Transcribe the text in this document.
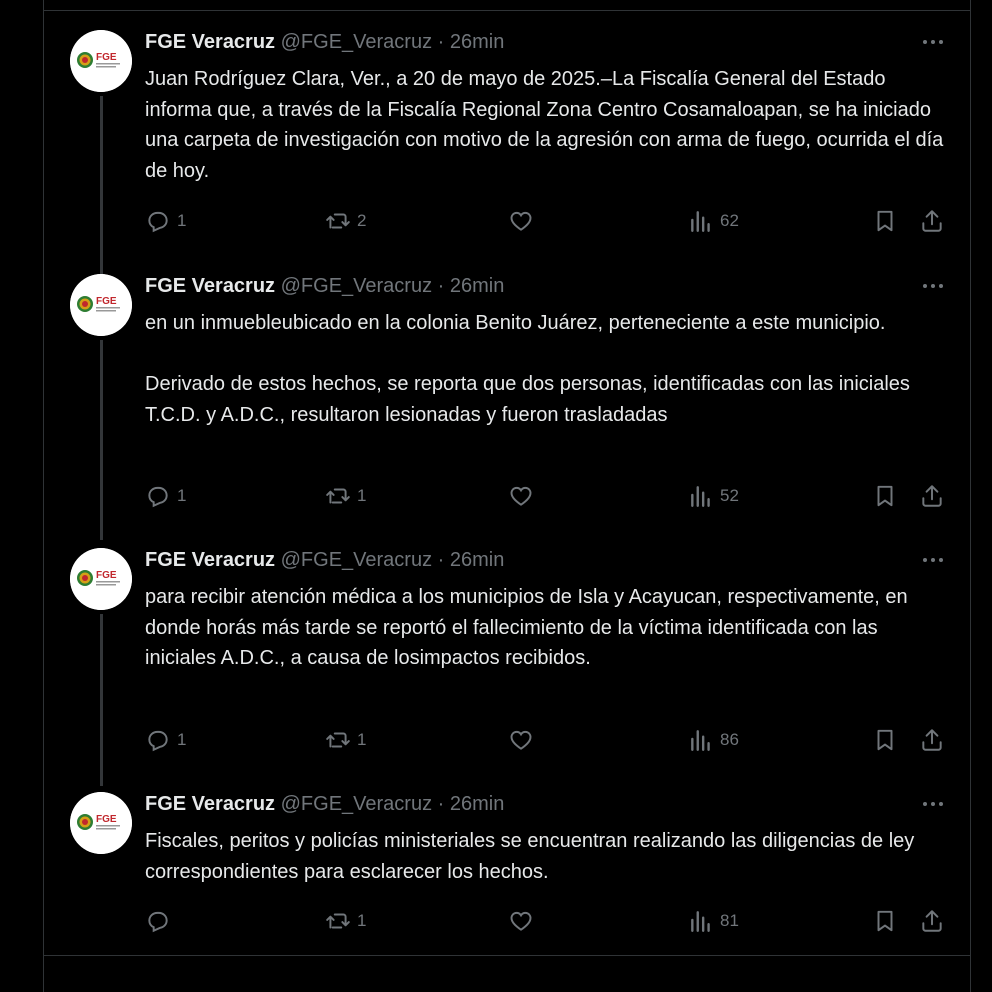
FGE
FGE Veracruz @FGE_Veracruz · 26min

Juan Rodríguez Clara, Ver., a 20 de mayo de 2025.–La Fiscalía General del Estado informa que, a través de la Fiscalía Regional Zona Centro Cosamaloapan, se ha iniciado una carpeta de investigación con motivo de la agresión con arma de fuego, ocurrida el día de hoy.

1	2	62
FGE
FGE Veracruz @FGE_Veracruz · 26min

en un inmuebleubicado en la colonia Benito Juárez, perteneciente a este municipio.

Derivado de estos hechos, se reporta que dos personas, identificadas con las iniciales T.C.D. y A.D.C., resultaron lesionadas y fueron trasladadas

1	1	52
FGE
FGE Veracruz @FGE_Veracruz · 26min

para recibir atención médica a los municipios de Isla y Acayucan, respectivamente, en donde horás más tarde se reportó el fallecimiento de la víctima identificada con las iniciales A.D.C., a causa de losimpactos recibidos.

1	1	86
FGE
FGE Veracruz @FGE_Veracruz · 26min

Fiscales, peritos y policías ministeriales se encuentran realizando las diligencias de ley correspondientes para esclarecer los hechos.

1	81
